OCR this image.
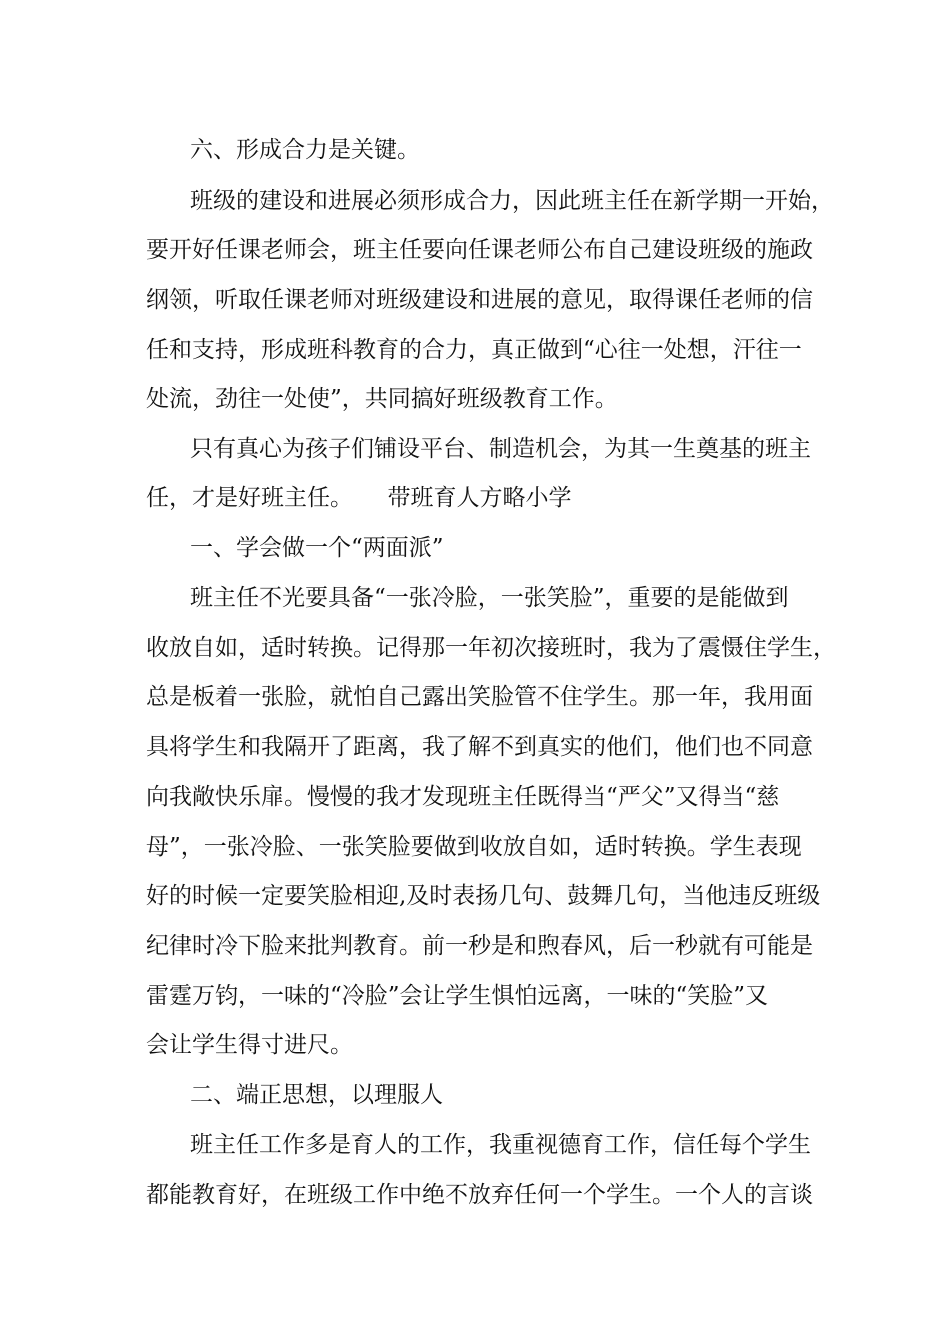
六、形成合力是关键。
班级的建设和进展必须形成合力，因此班主任在新学期一开始，
要开好任课老师会，班主任要向任课老师公布自己建设班级的施政
纲领，听取任课老师对班级建设和进展的意见，取得课任老师的信
任和支持，形成班科教育的合力，真正做到“心往一处想，汗往一
处流，劲往一处使”，共同搞好班级教育工作。
只有真心为孩子们铺设平台、制造机会，为其一生奠基的班主
任，才是好班主任。　　带班育人方略小学
一、学会做一个“两面派”
班主任不光要具备“一张冷脸，一张笑脸”，重要的是能做到
收放自如，适时转换。记得那一年初次接班时，我为了震慑住学生，
总是板着一张脸，就怕自己露出笑脸管不住学生。那一年，我用面
具将学生和我隔开了距离，我了解不到真实的他们，他们也不同意
向我敞快乐扉。慢慢的我才发现班主任既得当“严父”又得当“慈
母”，一张冷脸、一张笑脸要做到收放自如，适时转换。学生表现
好的时候一定要笑脸相迎,及时表扬几句、鼓舞几句，当他违反班级
纪律时冷下脸来批判教育。前一秒是和煦春风，后一秒就有可能是
雷霆万钧，一味的“冷脸”会让学生惧怕远离，一味的“笑脸”又
会让学生得寸进尺。
二、端正思想，以理服人
班主任工作多是育人的工作，我重视德育工作，信任每个学生
都能教育好，在班级工作中绝不放弃任何一个学生。一个人的言谈
